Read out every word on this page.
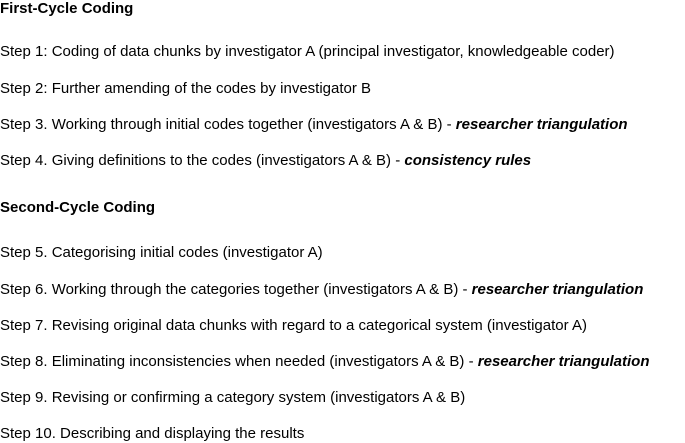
First-Cycle Coding
Step 1: Coding of data chunks by investigator A (principal investigator, knowledgeable coder)
Step 2: Further amending of the codes by investigator B
Step 3. Working through initial codes together (investigators A & B) - researcher triangulation
Step 4. Giving definitions to the codes (investigators A & B) - consistency rules
Second-Cycle Coding
Step 5. Categorising initial codes (investigator A)
Step 6. Working through the categories together (investigators A & B) - researcher triangulation
Step 7. Revising original data chunks with regard to a categorical system (investigator A)
Step 8. Eliminating inconsistencies when needed (investigators A & B) - researcher triangulation
Step 9. Revising or confirming a category system (investigators A & B)
Step 10. Describing and displaying the results
